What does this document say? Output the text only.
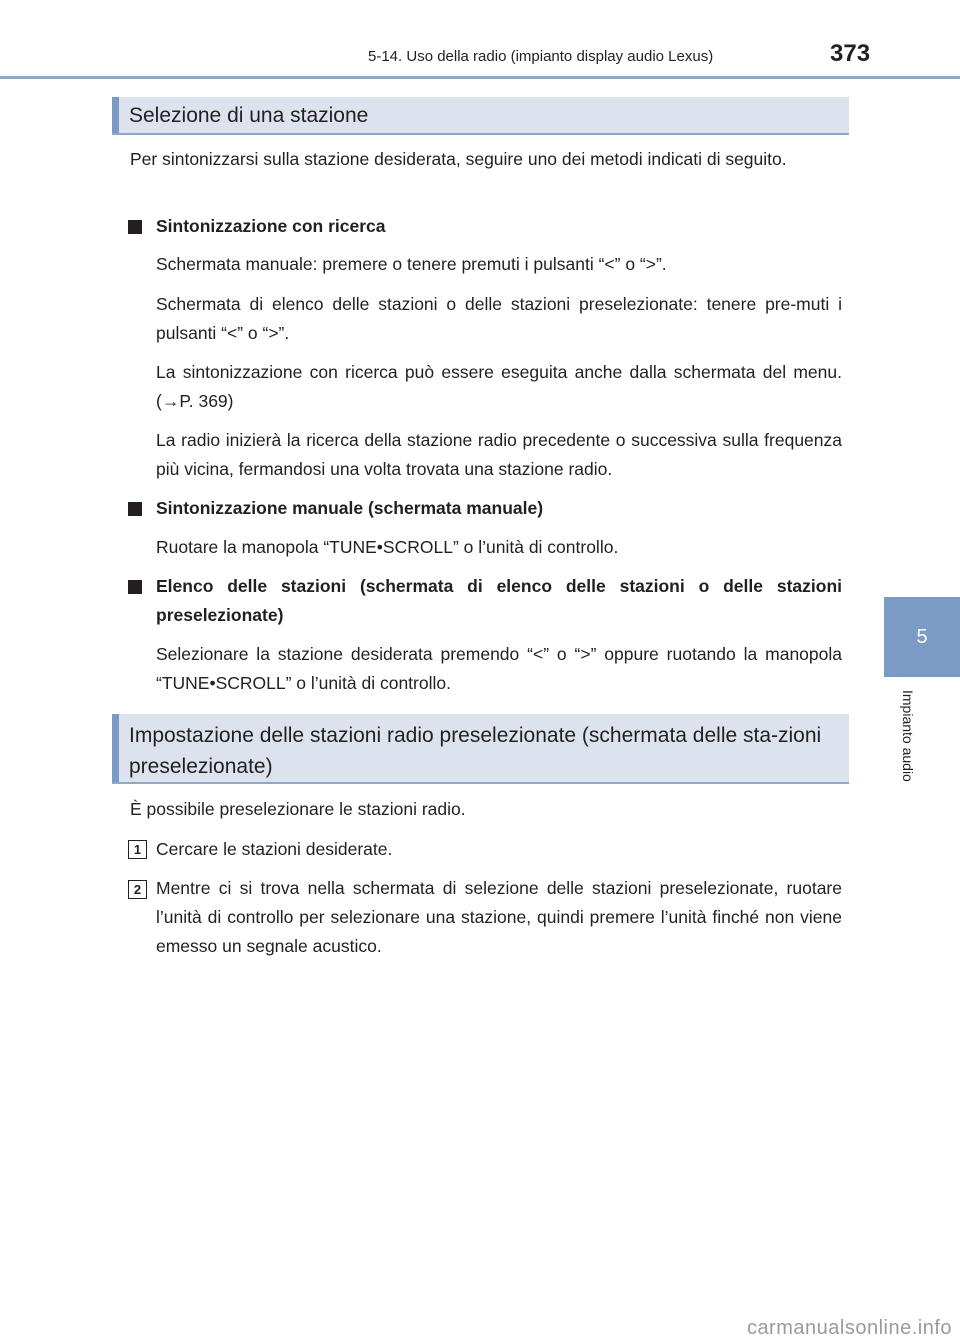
5-14. Uso della radio (impianto display audio Lexus)	373
5
Impianto audio
Selezione di una stazione

Per sintonizzarsi sulla stazione desiderata, seguire uno dei metodi indicati di seguito.

Sintonizzazione con ricerca

Schermata manuale: premere o tenere premuti i pulsanti “<” o “>”.

Schermata di elenco delle stazioni o delle stazioni preselezionate: tenere pre-muti i pulsanti “<” o “>”.

La sintonizzazione con ricerca può essere eseguita anche dalla schermata del menu. (→P. 369)

La radio inizierà la ricerca della stazione radio precedente o successiva sulla frequenza più vicina, fermandosi una volta trovata una stazione radio.

Sintonizzazione manuale (schermata manuale)

Ruotare la manopola “TUNE•SCROLL” o l’unità di controllo.

Elenco delle stazioni (schermata di elenco delle stazioni o delle stazioni preselezionate)

Selezionare la stazione desiderata premendo “<” o “>” oppure ruotando la manopola “TUNE•SCROLL” o l’unità di controllo.

Impostazione delle stazioni radio preselezionate (schermata delle sta-zioni preselezionate)

È possibile preselezionare le stazioni radio.

1 Cercare le stazioni desiderate.

2 Mentre ci si trova nella schermata di selezione delle stazioni preselezionate, ruotare l’unità di controllo per selezionare una stazione, quindi premere l’unità finché non viene emesso un segnale acustico.

carmanualsonline.info
